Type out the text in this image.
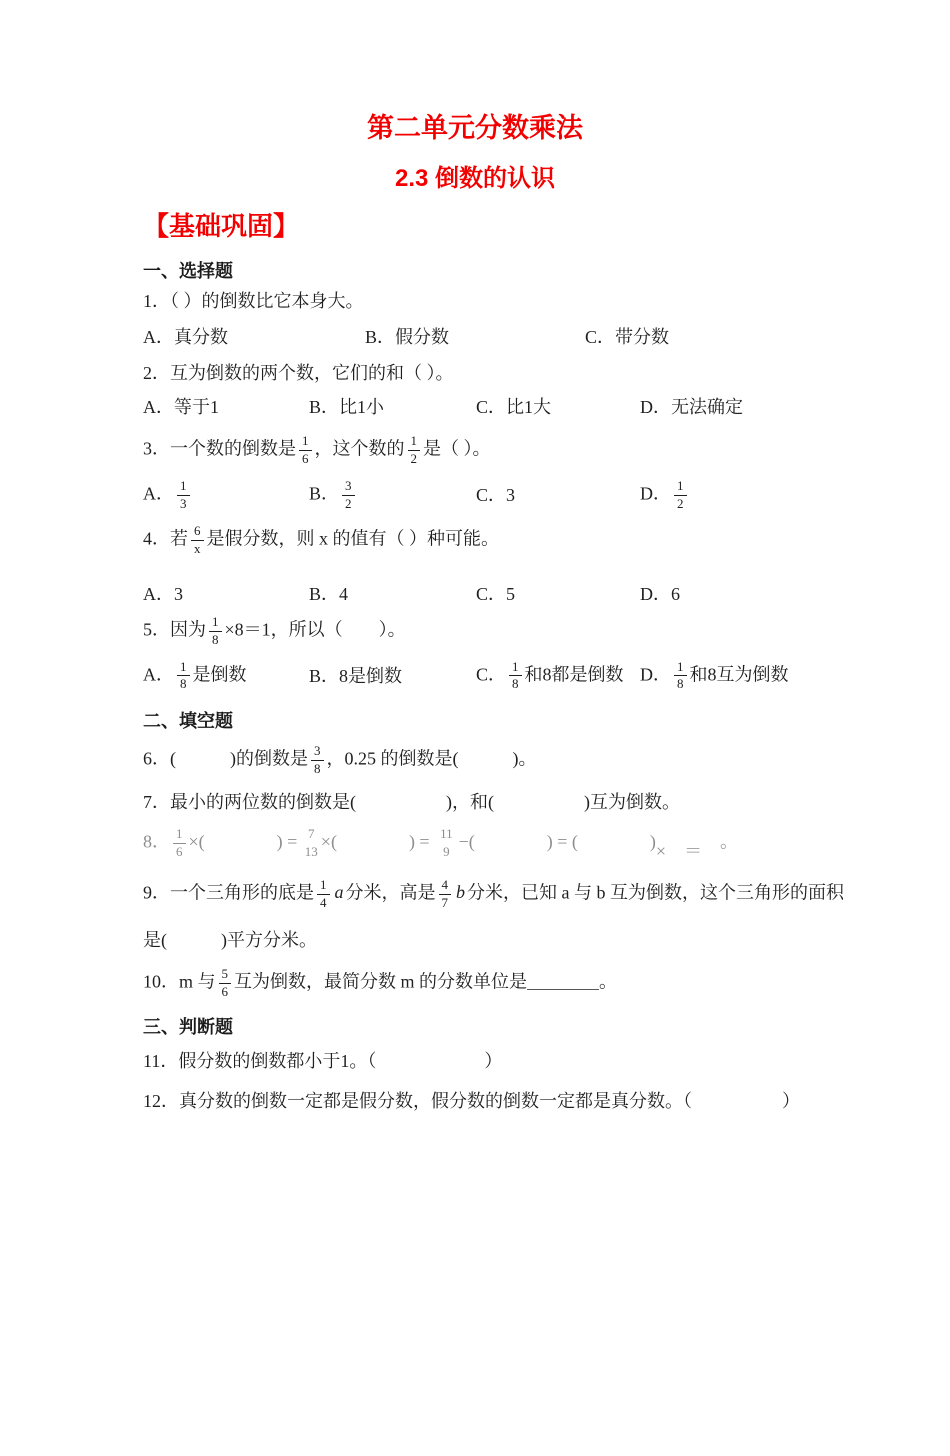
第二单元分数乘法
2.3 倒数的认识
【基础巩固】
一、选择题
1．（ ）的倒数比它本身大。
A．真分数	B．假分数	C．带分数
2．互为倒数的两个数，它们的和（ ）。
A．等于1	B．比1小	C．比1大	D．无法确定
3．一个数的倒数是 $\frac{1}{6}$ ，这个数的 $\frac{1}{2}$ 是（ ）。
A． $\frac{1}{3}$	B． $\frac{3}{2}$	C．3	D． $\frac{1}{2}$
4．若 $\frac{6}{x}$ 是假分数，则 x 的值有（ ）种可能。
A．3	B．4	C．5	D．6
5．因为 $\frac{1}{8} \times 8=1$，所以（　　）。
A． $\frac{1}{8}$ 是倒数	B．8是倒数	C． $\frac{1}{8}$ 和8都是倒数 D． $\frac{1}{8}$ 和8互为倒数
二、填空题
6．(　　　)的倒数是 $\frac{3}{8}$ ，0.25 的倒数是(　　　)。
7．最小的两位数的倒数是(　　　　　)，和(　　　　　)互为倒数。
8． $\frac{1}{6}$ ×(　　　　) = 7
13 ×(　　　　) = 11
9 −(　　　　) = (　　　　)×　 ＝　。
9．一个三角形的底是 $\frac{1}{4}$ a 分米，高是 $\frac{4}{7}$ b 分米，已知 a 与 b 互为倒数，这个三角形的面积
是(　　　)平方分米。
10．m 与 $\frac{5}{6}$ 互为倒数，最简分数 m 的分数单位是＿＿＿＿。
三、判断题
11．假分数的倒数都小于1。（　　　　　　）
12．真分数的倒数一定都是假分数，假分数的倒数一定都是真分数。（　　　　　）
